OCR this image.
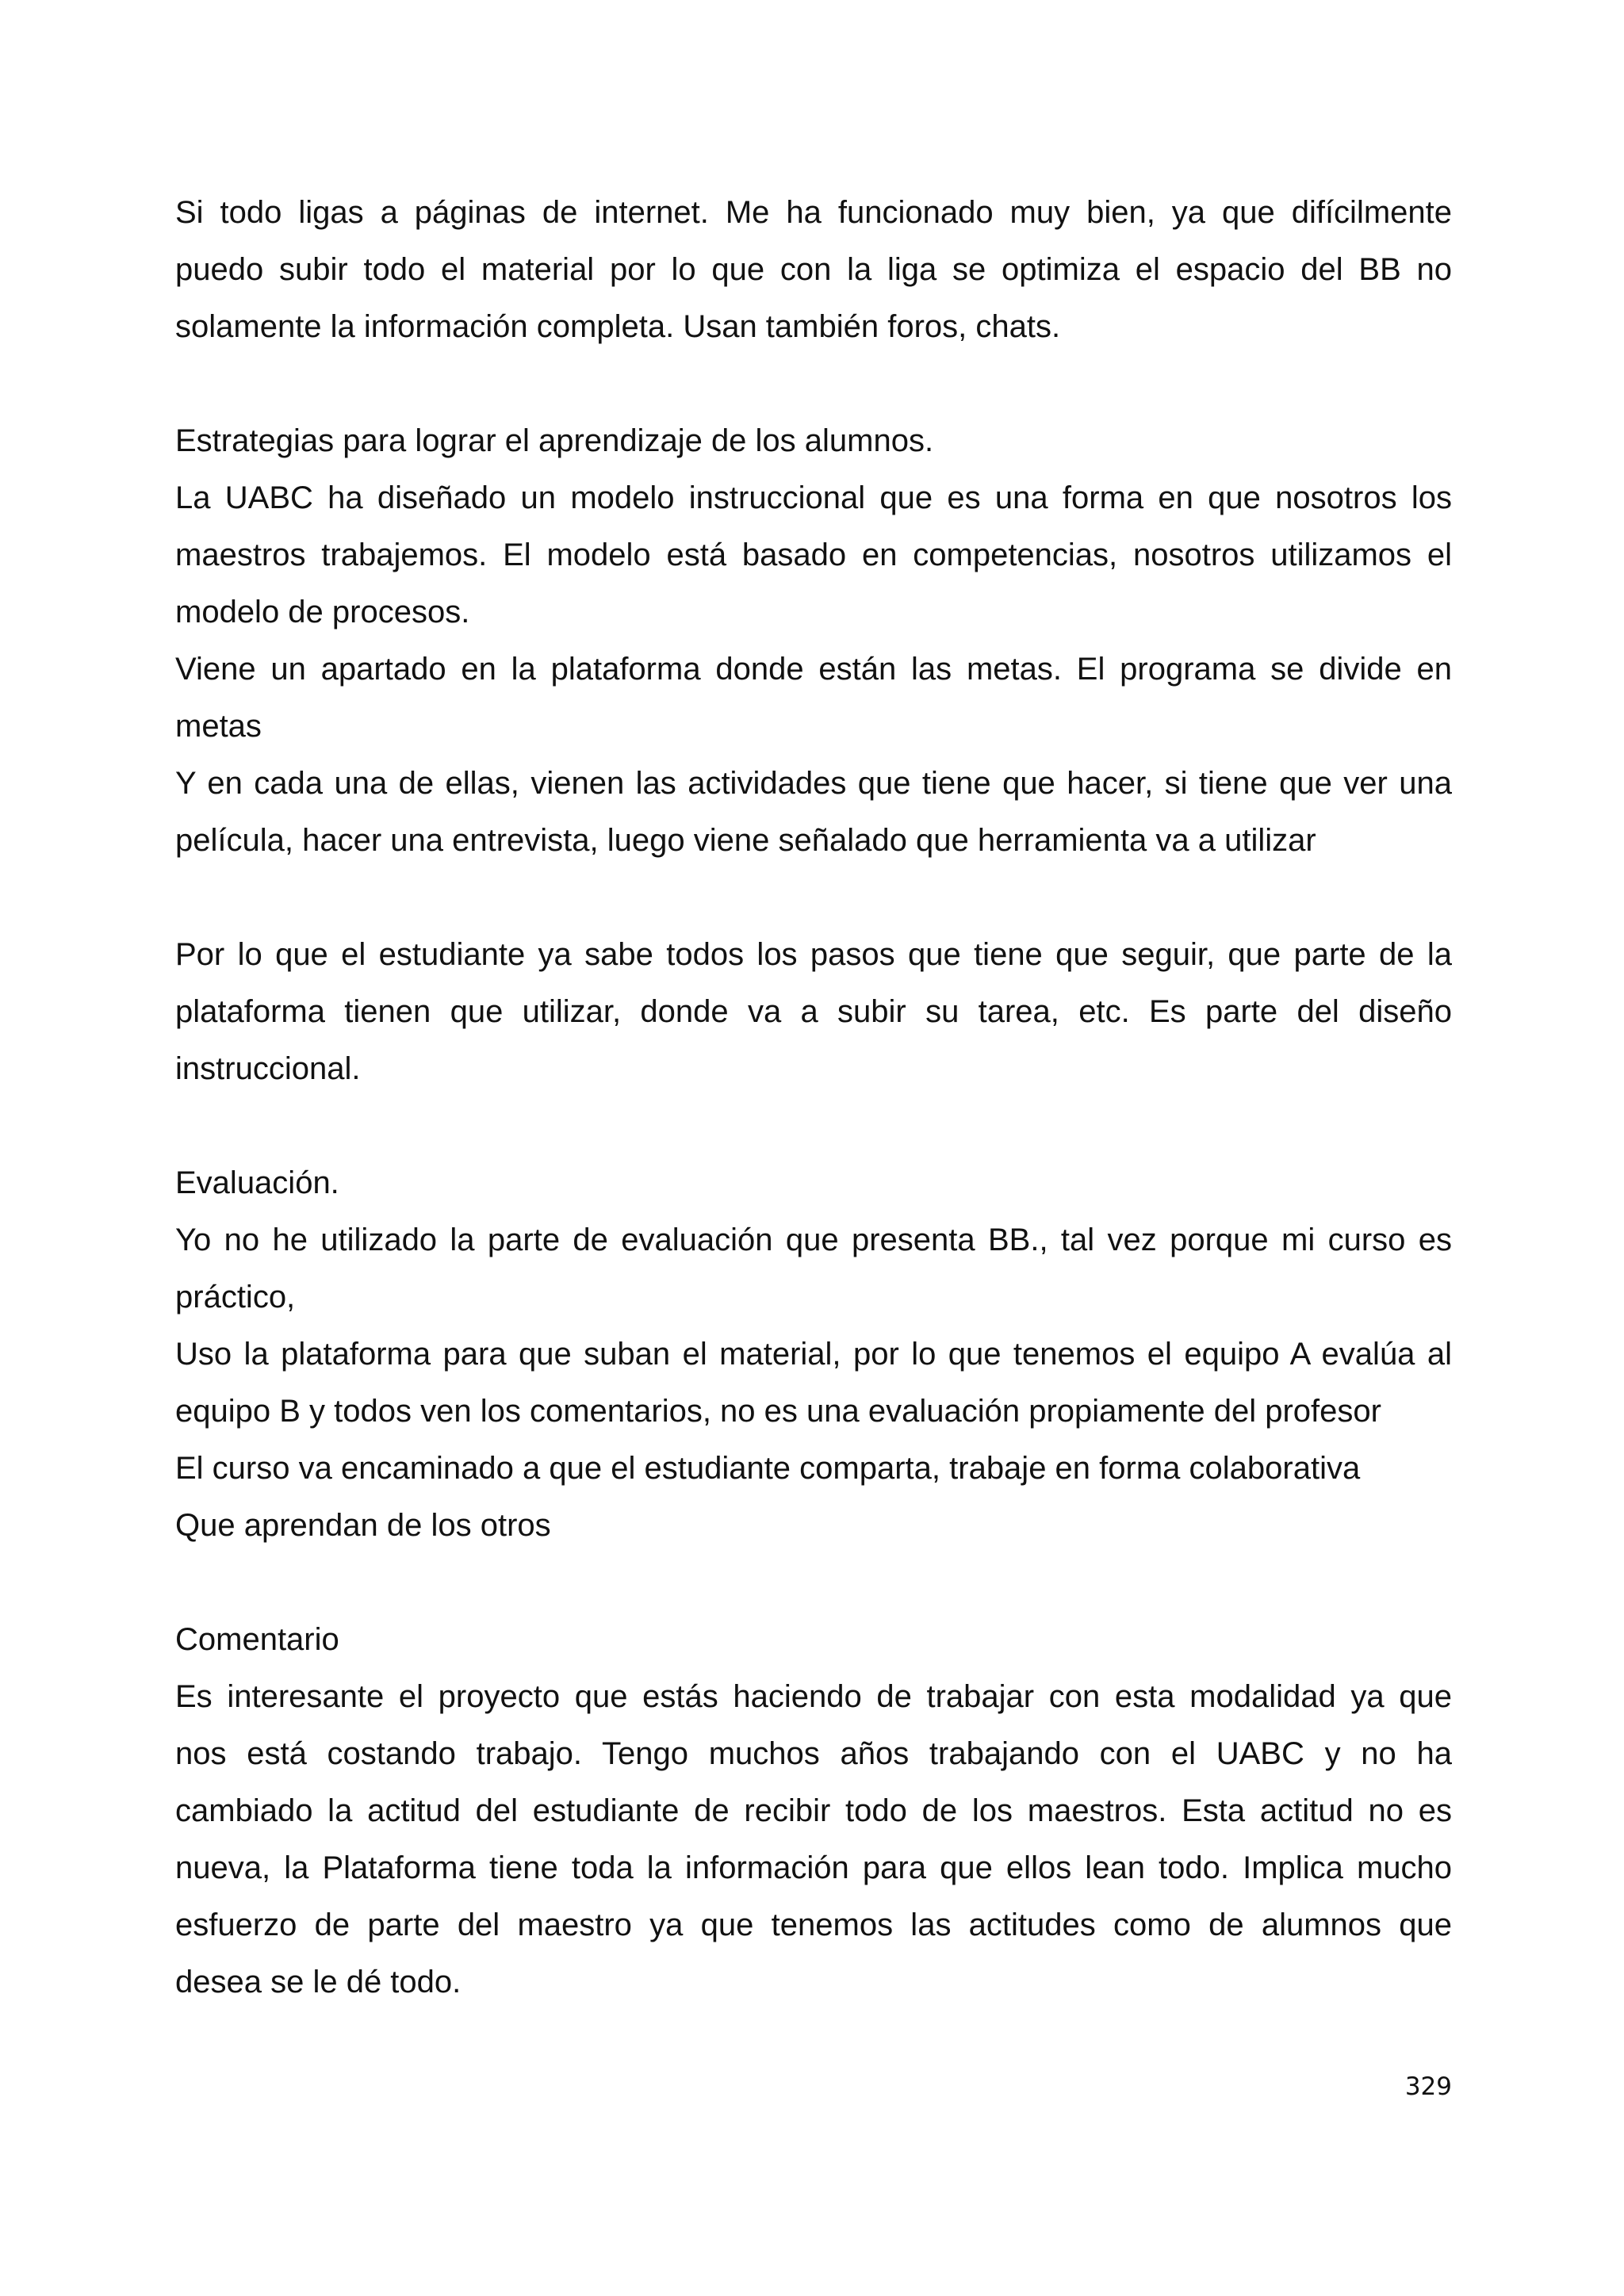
Si todo ligas a páginas de internet. Me ha funcionado muy bien, ya que difícilmente
puedo subir todo el material por lo que con la liga se optimiza el espacio del BB no
solamente la información completa. Usan también foros, chats.
Estrategias para lograr el aprendizaje de los alumnos.
La UABC ha diseñado un modelo instruccional que es una forma en que nosotros los
maestros trabajemos. El modelo está basado en competencias, nosotros utilizamos el
modelo de procesos.
Viene un apartado en la plataforma donde están las metas. El programa se divide en
metas
Y en cada una de ellas, vienen las actividades que tiene que hacer, si tiene que ver una
película, hacer una entrevista, luego viene señalado que herramienta va a utilizar
Por lo que el estudiante ya sabe todos los pasos que tiene que seguir, que parte de la
plataforma tienen que utilizar, donde va a subir su tarea, etc. Es parte del diseño
instruccional.
Evaluación.
Yo no he utilizado la parte de evaluación que presenta BB., tal vez porque mi curso es
práctico,
Uso la plataforma para que suban el material, por lo que tenemos el equipo A evalúa al
equipo B y todos ven los comentarios, no es una evaluación propiamente del profesor
El curso va encaminado a que el estudiante comparta, trabaje en forma colaborativa
Que aprendan de los otros
Comentario
Es interesante el proyecto que estás haciendo de trabajar con esta modalidad ya que
nos está costando trabajo. Tengo muchos años trabajando con el UABC y no ha
cambiado la actitud del estudiante de recibir todo de los maestros. Esta actitud no es
nueva, la Plataforma tiene toda la información para que ellos lean todo. Implica mucho
esfuerzo de parte del maestro ya que tenemos las actitudes como de alumnos que
desea se le dé todo.
329
